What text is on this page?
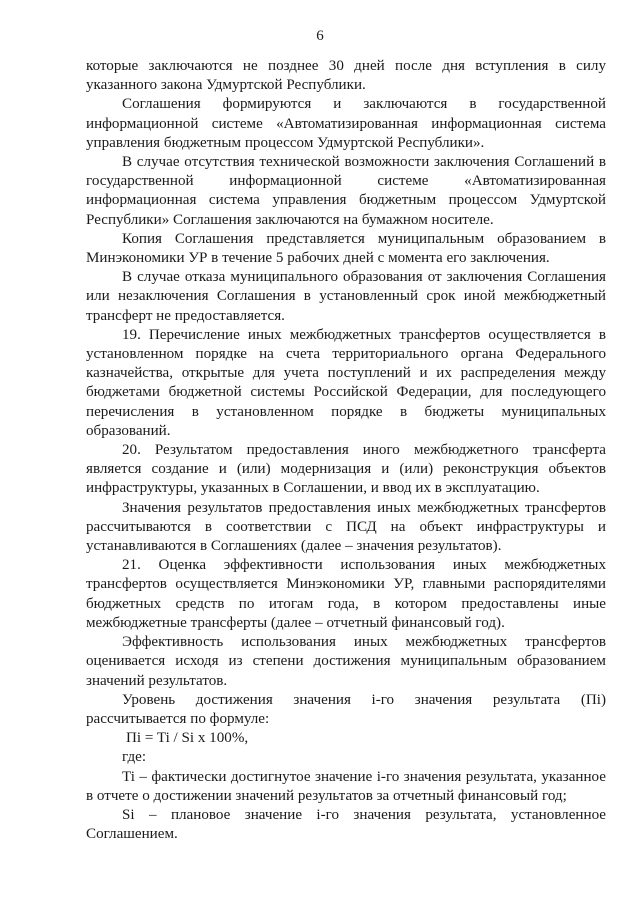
6

которые заключаются не позднее 30 дней после дня вступления в силу указанного закона Удмуртской Республики.

Соглашения формируются и заключаются в государственной информационной системе «Автоматизированная информационная система управления бюджетным процессом Удмуртской Республики».

В случае отсутствия технической возможности заключения Соглашений в государственной информационной системе «Автоматизированная информационная система управления бюджетным процессом Удмуртской Республики» Соглашения заключаются на бумажном носителе.

Копия Соглашения представляется муниципальным образованием в Минэкономики УР в течение 5 рабочих дней с момента его заключения.

В случае отказа муниципального образования от заключения Соглашения или незаключения Соглашения в установленный срок иной межбюджетный трансферт не предоставляется.

19. Перечисление иных межбюджетных трансфертов осуществляется в установленном порядке на счета территориального органа Федерального казначейства, открытые для учета поступлений и их распределения между бюджетами бюджетной системы Российской Федерации, для последующего перечисления в установленном порядке в бюджеты муниципальных образований.

20. Результатом предоставления иного межбюджетного трансферта является создание и (или) модернизация и (или) реконструкция объектов инфраструктуры, указанных в Соглашении, и ввод их в эксплуатацию.

Значения результатов предоставления иных межбюджетных трансфертов рассчитываются в соответствии с ПСД на объект инфраструктуры и устанавливаются в Соглашениях (далее – значения результатов).

21. Оценка эффективности использования иных межбюджетных трансфертов осуществляется Минэкономики УР, главными распорядителями бюджетных средств по итогам года, в котором предоставлены иные межбюджетные трансферты (далее – отчетный финансовый год).

Эффективность использования иных межбюджетных трансфертов оценивается исходя из степени достижения муниципальным образованием значений результатов.

Уровень достижения значения i-го значения результата (Пi) рассчитывается по формуле:

Пi = Ti / Si x 100%,

где:

Ti – фактически достигнутое значение i-го значения результата, указанное в отчете о достижении значений результатов за отчетный финансовый год;

Si – плановое значение i-го значения результата, установленное Соглашением.
